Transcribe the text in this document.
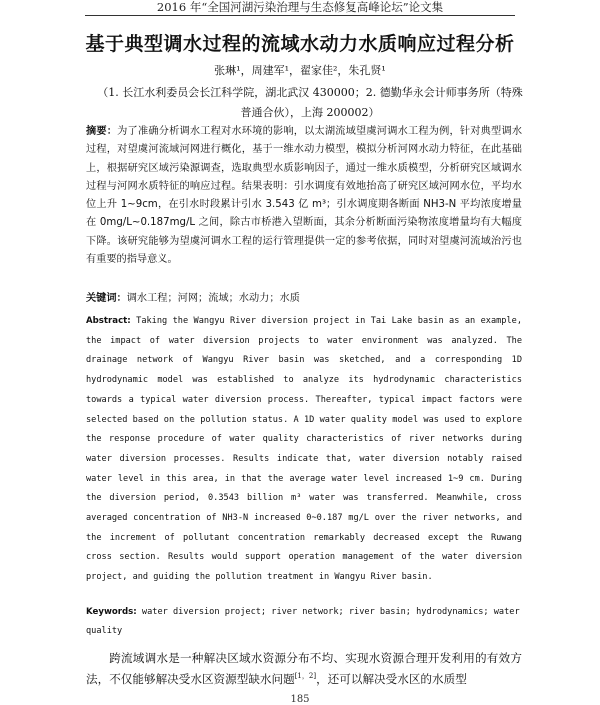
2016 年“全国河湖污染治理与生态修复高峰论坛”论文集
基于典型调水过程的流域水动力水质响应过程分析
张琳¹，周建军¹，翟家佳²，朱孔贤¹
（1. 长江水利委员会长江科学院，湖北武汉 430000；2. 德勤华永会计师事务所（特殊普通合伙），上海 200002）
摘要：为了准确分析调水工程对水环境的影响，以太湖流域望虞河调水工程为例，针对典型调水过程，对望虞河流域河网进行概化，基于一维水动力模型，模拟分析河网水动力特征，在此基础上，根据研究区域污染源调查，选取典型水质影响因子，通过一维水质模型，分析研究区域调水过程与河网水质特征的响应过程。结果表明：引水调度有效地抬高了研究区域河网水位，平均水位上升 1~9cm，在引水时段累计引水 3.543 亿 m³；引水调度期各断面 NH3-N 平均浓度增量在 0mg/L~0.187mg/L 之间，除古市桥港入望断面，其余分析断面污染物浓度增量均有大幅度下降。该研究能够为望虞河调水工程的运行管理提供一定的参考依据，同时对望虞河流域治污也有重要的指导意义。
关键词：调水工程；河网；流域；水动力；水质
Abstract: Taking the Wangyu River diversion project in Tai Lake basin as an example, the impact of water diversion projects to water environment was analyzed. The drainage network of Wangyu River basin was sketched, and a corresponding 1D hydrodynamic model was established to analyze its hydrodynamic characteristics towards a typical water diversion process. Thereafter, typical impact factors were selected based on the pollution status. A 1D water quality model was used to explore the response procedure of water quality characteristics of river networks during water diversion processes. Results indicate that, water diversion notably raised water level in this area, in that the average water level increased 1~9 cm. During the diversion period, 0.3543 billion m³ water was transferred. Meanwhile, cross averaged concentration of NH3-N increased 0~0.187 mg/L over the river networks, and the increment of pollutant concentration remarkably decreased except the Ruwang cross section. Results would support operation management of the water diversion project, and guiding the pollution treatment in Wangyu River basin.
Keywords: water diversion project; river network; river basin; hydrodynamics; water quality
跨流域调水是一种解决区域水资源分布不均、实现水资源合理开发利用的有效方法，不仅能够解决受水区资源型缺水问题[1，2]，还可以解决受水区的水质型
185
